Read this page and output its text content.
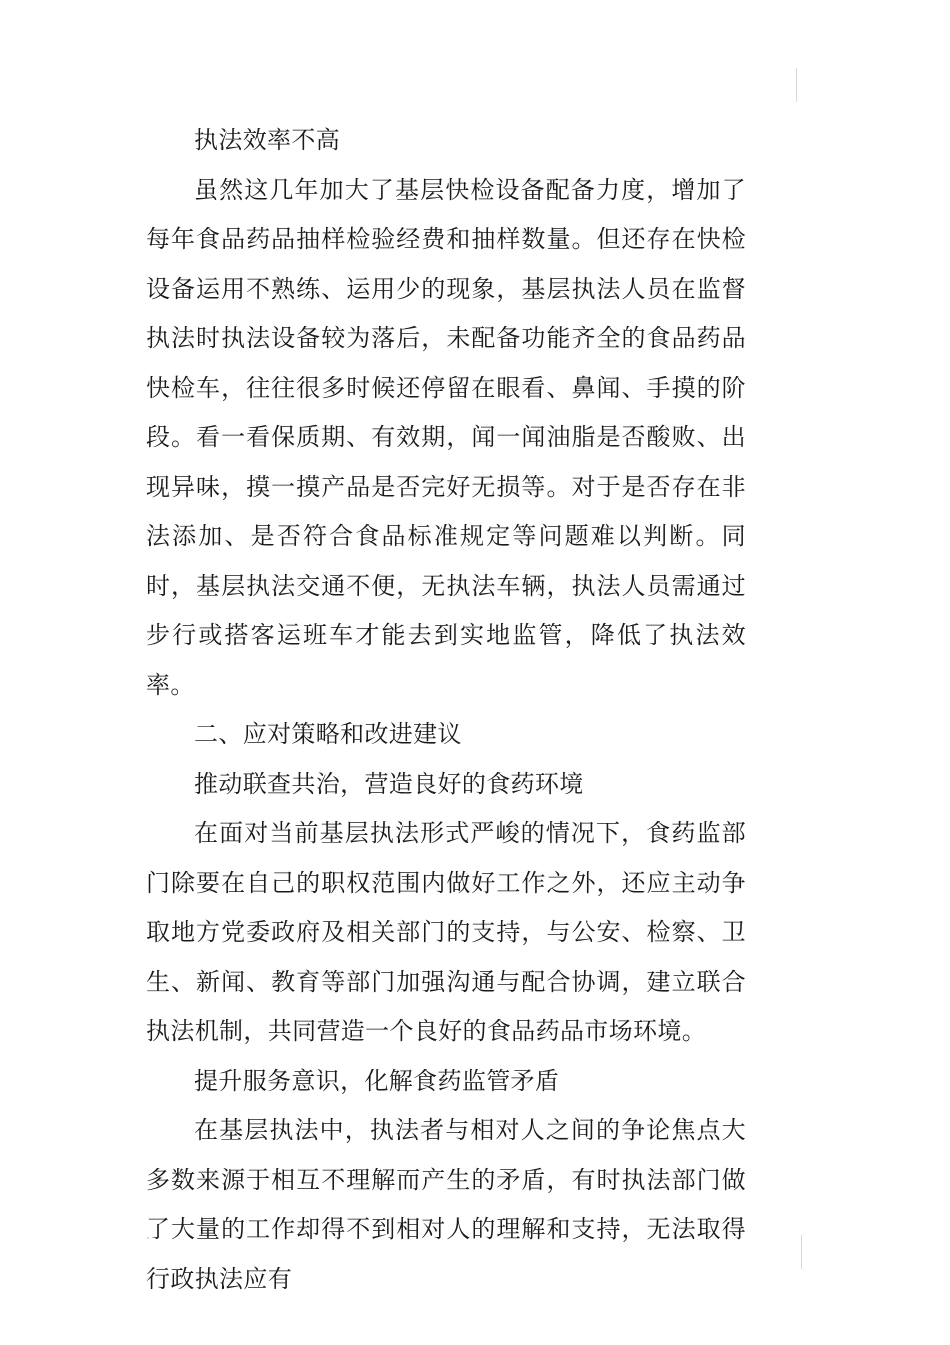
执法效率不高

虽然这几年加大了基层快检设备配备力度，增加了每年食品药品抽样检验经费和抽样数量。但还存在快检设备运用不熟练、运用少的现象，基层执法人员在监督执法时执法设备较为落后，未配备功能齐全的食品药品快检车，往往很多时候还停留在眼看、鼻闻、手摸的阶段。看一看保质期、有效期，闻一闻油脂是否酸败、出现异味，摸一摸产品是否完好无损等。对于是否存在非法添加、是否符合食品标准规定等问题难以判断。同时，基层执法交通不便，无执法车辆，执法人员需通过步行或搭客运班车才能去到实地监管，降低了执法效率。

二、应对策略和改进建议

推动联查共治，营造良好的食药环境

在面对当前基层执法形式严峻的情况下，食药监部门除要在自己的职权范围内做好工作之外，还应主动争取地方党委政府及相关部门的支持，与公安、检察、卫生、新闻、教育等部门加强沟通与配合协调，建立联合执法机制，共同营造一个良好的食品药品市场环境。

提升服务意识，化解食药监管矛盾

在基层执法中，执法者与相对人之间的争论焦点大多数来源于相互不理解而产生的矛盾，有时执法部门做了大量的工作却得不到相对人的理解和支持，无法取得行政执法应有
